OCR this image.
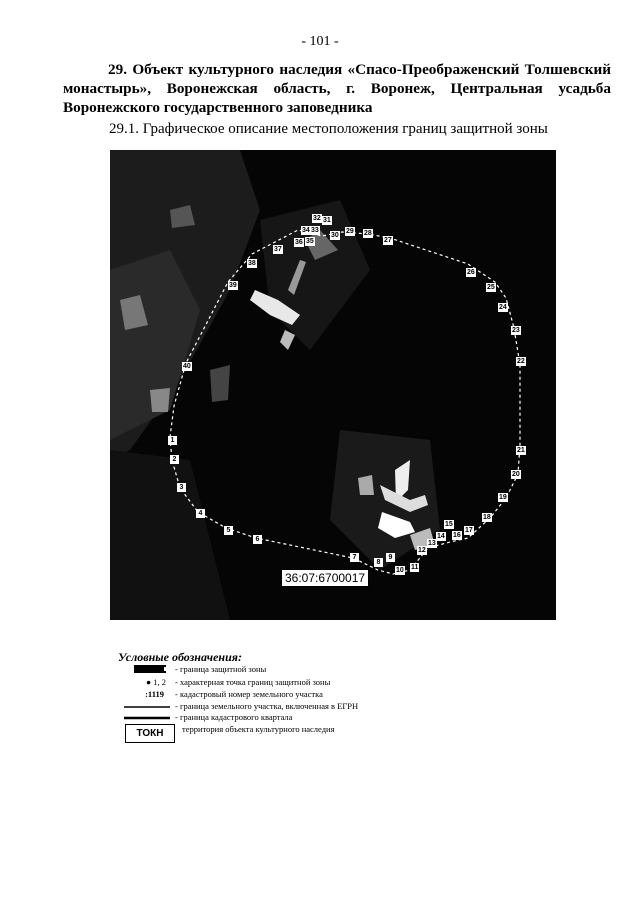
- 101 -
29. Объект культурного наследия «Спасо-Преображенский Толшевский монастырь», Воронежская область, г. Воронеж, Центральная усадьба Воронежского государственного заповедника
29.1. Графическое описание местоположения границ защитной зоны
1
2
3
4
5
6
7
8
9
10 11
12
13
14
15
16
17
18
19
20
21
22
23
24
25
26
27
28
29
30
31
32
33
34
35
36
37
38
39
40
36:07:6700017
Условные обозначения:
- граница защитной зоны
● 1, 2	- характерная точка границ защитной зоны
:1119	- кадастровый номер земельного участка
- граница земельного участка, включенная в ЕГРН
- граница кадастрового квартала
ТОКН	территория объекта культурного наследия
